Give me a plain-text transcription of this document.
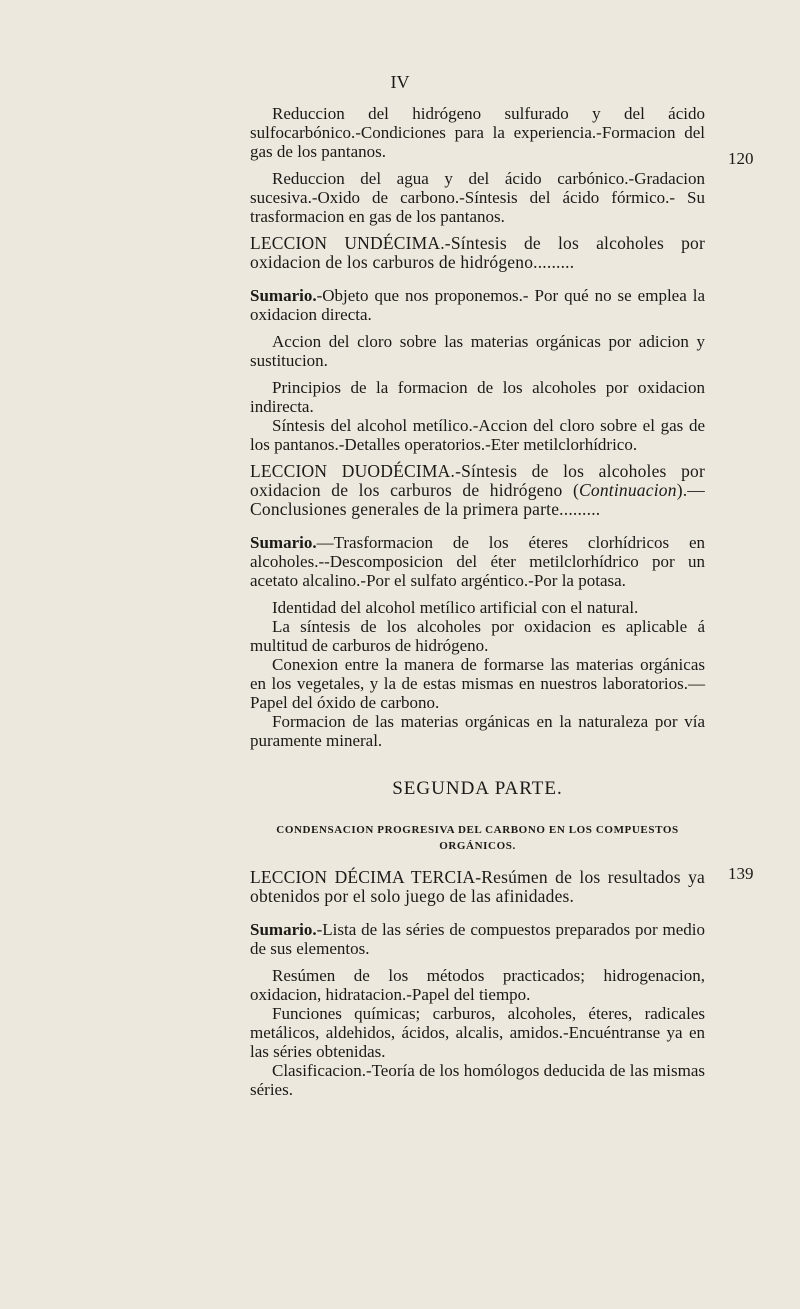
IV
120
139

Reduccion del hidrógeno sulfurado y del ácido sulfocarbónico.-Condiciones para la experiencia.-Formacion del gas de los pantanos.

Reduccion del agua y del ácido carbónico.-Gradacion sucesiva.-Oxido de carbono.-Síntesis del ácido fórmico.- Su trasformacion en gas de los pantanos.

LECCION UNDÉCIMA.-Síntesis de los alcoholes por oxidacion de los carburos de hidrógeno.........

Sumario.-Objeto que nos proponemos.- Por qué no se emplea la oxidacion directa.

Accion del cloro sobre las materias orgánicas por adicion y sustitucion.

Principios de la formacion de los alcoholes por oxidacion indirecta.

Síntesis del alcohol metílico.-Accion del cloro sobre el gas de los pantanos.-Detalles operatorios.-Eter metilclorhídrico.

LECCION DUODÉCIMA.-Síntesis de los alcoholes por oxidacion de los carburos de hidrógeno (Continuacion).— Conclusiones generales de la primera parte.........

Sumario.—Trasformacion de los éteres clorhídricos en alcoholes.--Descomposicion del éter metilclorhídrico por un acetato alcalino.-Por el sulfato argéntico.-Por la potasa.

Identidad del alcohol metílico artificial con el natural.

La síntesis de los alcoholes por oxidacion es aplicable á multitud de carburos de hidrógeno.

Conexion entre la manera de formarse las materias orgánicas en los vegetales, y la de estas mismas en nuestros laboratorios.— Papel del óxido de carbono.

Formacion de las materias orgánicas en la naturaleza por vía puramente mineral.

SEGUNDA PARTE.
CONDENSACION PROGRESIVA DEL CARBONO EN LOS COMPUESTOS ORGÁNICOS.

LECCION DÉCIMA TERCIA-Resúmen de los resultados ya obtenidos por el solo juego de las afinidades.

Sumario.-Lista de las séries de compuestos preparados por medio de sus elementos.

Resúmen de los métodos practicados; hidrogenacion, oxidacion, hidratacion.-Papel del tiempo.

Funciones químicas; carburos, alcoholes, éteres, radicales metálicos, aldehidos, ácidos, alcalis, amidos.-Encuéntranse ya en las séries obtenidas.

Clasificacion.-Teoría de los homólogos deducida de las mismas séries.
